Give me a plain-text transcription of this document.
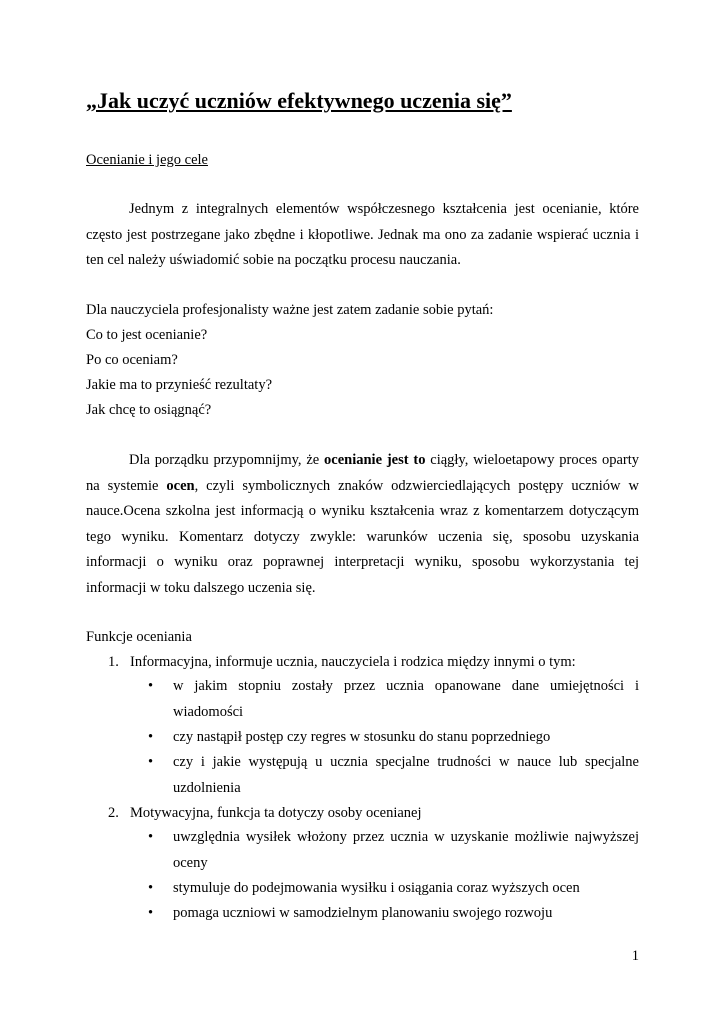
„Jak uczyć uczniów efektywnego uczenia się”

Ocenianie i jego cele

Jednym z integralnych elementów współczesnego kształcenia jest ocenianie, które często jest postrzegane jako zbędne i kłopotliwe. Jednak ma ono za zadanie wspierać ucznia i ten cel należy uświadomić sobie na początku procesu nauczania.

Dla nauczyciela profesjonalisty ważne jest zatem zadanie sobie pytań:

Co to jest ocenianie?

Po co oceniam?

Jakie ma to przynieść rezultaty?

Jak chcę to osiągnąć?

Dla porządku przypomnijmy, że ocenianie jest to ciągły, wieloetapowy proces oparty na systemie ocen, czyli symbolicznych znaków odzwierciedlających postępy uczniów w nauce.Ocena szkolna jest informacją o wyniku kształcenia wraz z komentarzem dotyczącym tego wyniku. Komentarz dotyczy zwykle: warunków uczenia się, sposobu uzyskania informacji o wyniku oraz poprawnej interpretacji wyniku, sposobu wykorzystania tej informacji w toku dalszego uczenia się.

Funkcje oceniania

1. Informacyjna, informuje ucznia, nauczyciela i rodzica między innymi o tym:

•	w jakim stopniu zostały przez ucznia opanowane dane umiejętności i wiadomości
•	czy nastąpił postęp czy regres w stosunku do stanu poprzedniego
•	czy i jakie występują u ucznia specjalne trudności w nauce lub specjalne uzdolnienia

2. Motywacyjna, funkcja ta dotyczy osoby ocenianej

•	uwzględnia wysiłek włożony przez ucznia w uzyskanie możliwie najwyższej oceny
•	stymuluje do podejmowania wysiłku i osiągania coraz wyższych ocen
•	pomaga uczniowi w samodzielnym planowaniu swojego rozwoju
1
